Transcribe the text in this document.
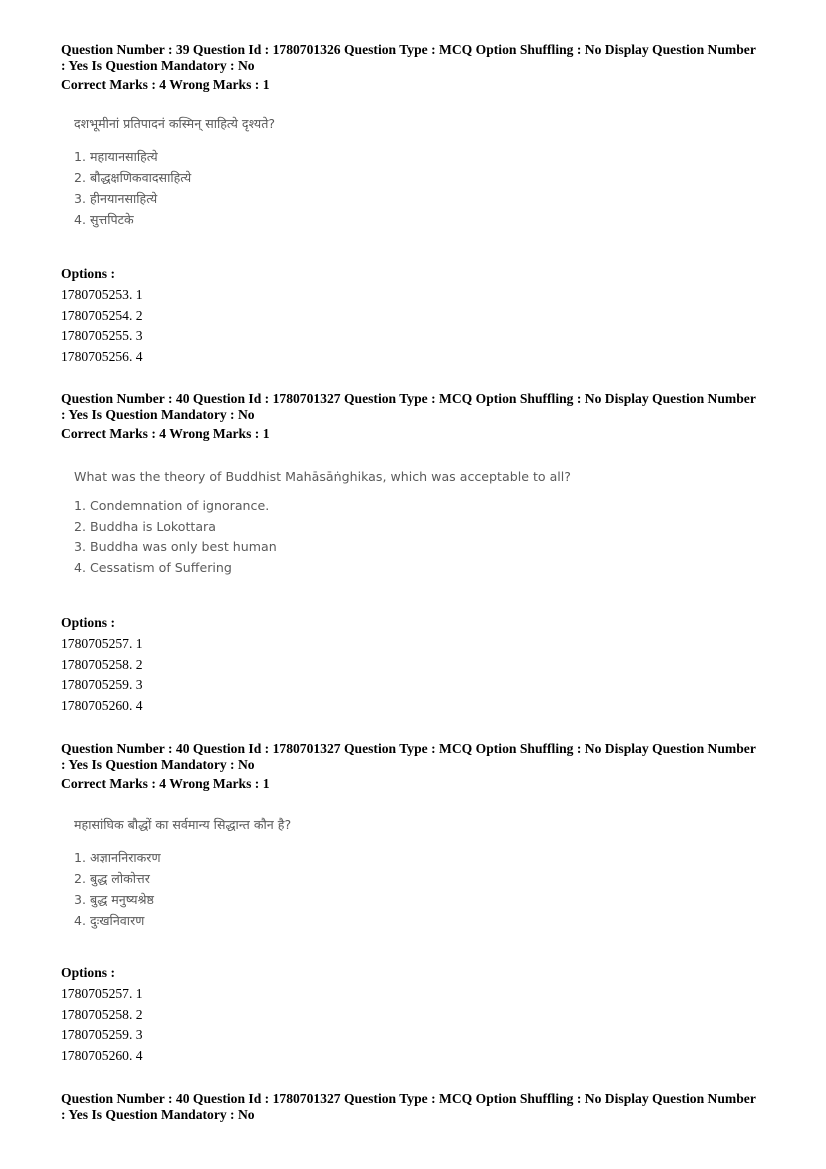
Question Number : 39 Question Id : 1780701326 Question Type : MCQ Option Shuffling : No Display Question Number

: Yes Is Question Mandatory : No

Correct Marks : 4 Wrong Marks : 1

दशभूमीनां प्रतिपादनं कस्मिन् साहित्ये दृश्यते?
1. महायानसाहित्ये
2. बौद्धक्षणिकवादसाहित्ये
3. हीनयानसाहित्ये
4. सुत्तपिटके

Options :

1780705253. 1

1780705254. 2

1780705255. 3

1780705256. 4

Question Number : 40 Question Id : 1780701327 Question Type : MCQ Option Shuffling : No Display Question Number

: Yes Is Question Mandatory : No

Correct Marks : 4 Wrong Marks : 1

What was the theory of Buddhist Mahāsāṅghikas, which was acceptable to all?
1. Condemnation of ignorance.
2. Buddha is Lokottara
3. Buddha was only best human
4. Cessatism of Suffering

Options :

1780705257. 1

1780705258. 2

1780705259. 3

1780705260. 4

Question Number : 40 Question Id : 1780701327 Question Type : MCQ Option Shuffling : No Display Question Number

: Yes Is Question Mandatory : No

Correct Marks : 4 Wrong Marks : 1

महासांघिक बौद्धों का सर्वमान्य सिद्धान्त कौन है?
1. अज्ञाननिराकरण
2. बुद्ध लोकोत्तर
3. बुद्ध मनुष्यश्रेष्ठ
4. दुःखनिवारण

Options :

1780705257. 1

1780705258. 2

1780705259. 3

1780705260. 4

Question Number : 40 Question Id : 1780701327 Question Type : MCQ Option Shuffling : No Display Question Number

: Yes Is Question Mandatory : No
